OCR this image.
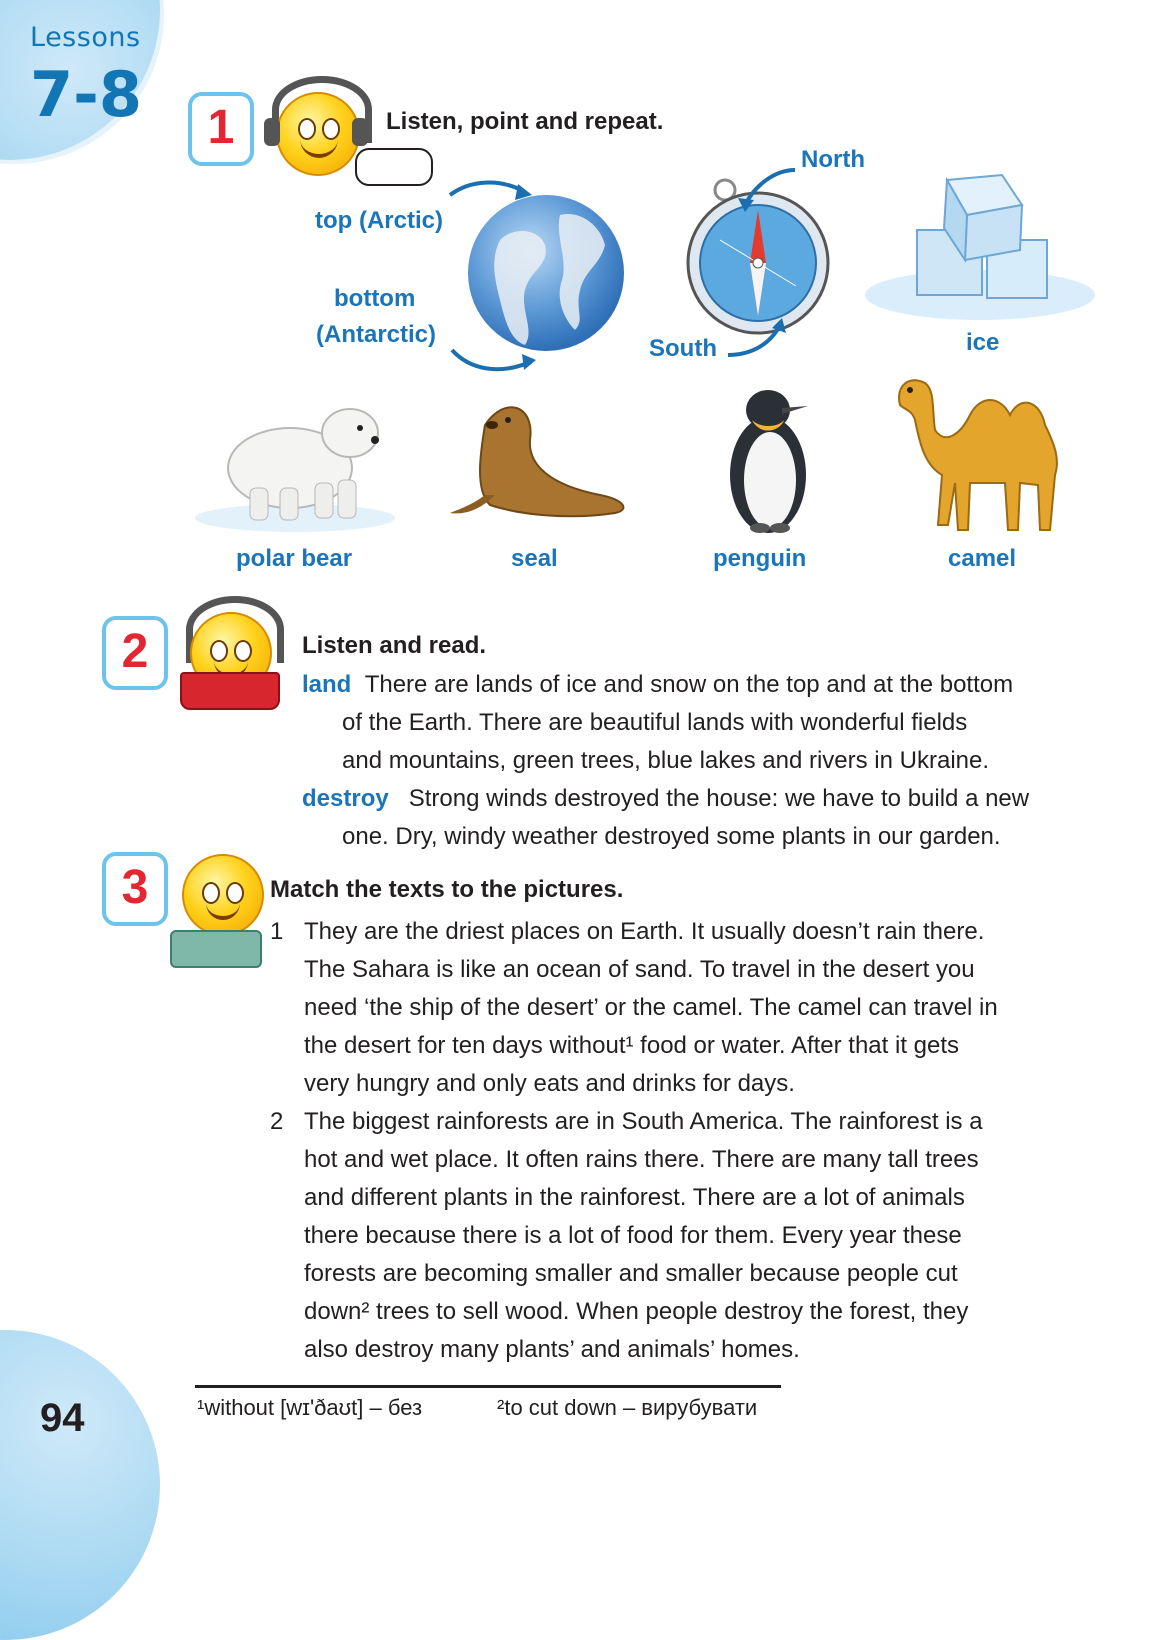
Lessons
7-8	1	Listen, point and repeat.
top (Arctic)
bottom
(Antarctic)
North
South	ice
polar bear	seal	penguin	camel
2	Listen and read.
land There are lands of ice and snow on the top and at the bottom
of the Earth. There are beautiful lands with wonderful fields
and mountains, green trees, blue lakes and rivers in Ukraine.
destroy Strong winds destroyed the house: we have to build a new
one. Dry, windy weather destroyed some plants in our garden.
3	Match the texts to the pictures.
1 They are the driest places on Earth. It usually doesn’t rain there.
The Sahara is like an ocean of sand. To travel in the desert you
need ‘the ship of the desert’ or the camel. The camel can travel in
the desert for ten days without¹ food or water. After that it gets
very hungry and only eats and drinks for days.
2 The biggest rainforests are in South America. The rainforest is a
hot and wet place. It often rains there. There are many tall trees
and different plants in the rainforest. There are a lot of animals
there because there is a lot of food for them. Every year these
forests are becoming smaller and smaller because people cut
down² trees to sell wood. When people destroy the forest, they
also destroy many plants’ and animals’ homes.
¹without [wɪ'ðaʊt] – без	²to cut down – вирубувати
94
